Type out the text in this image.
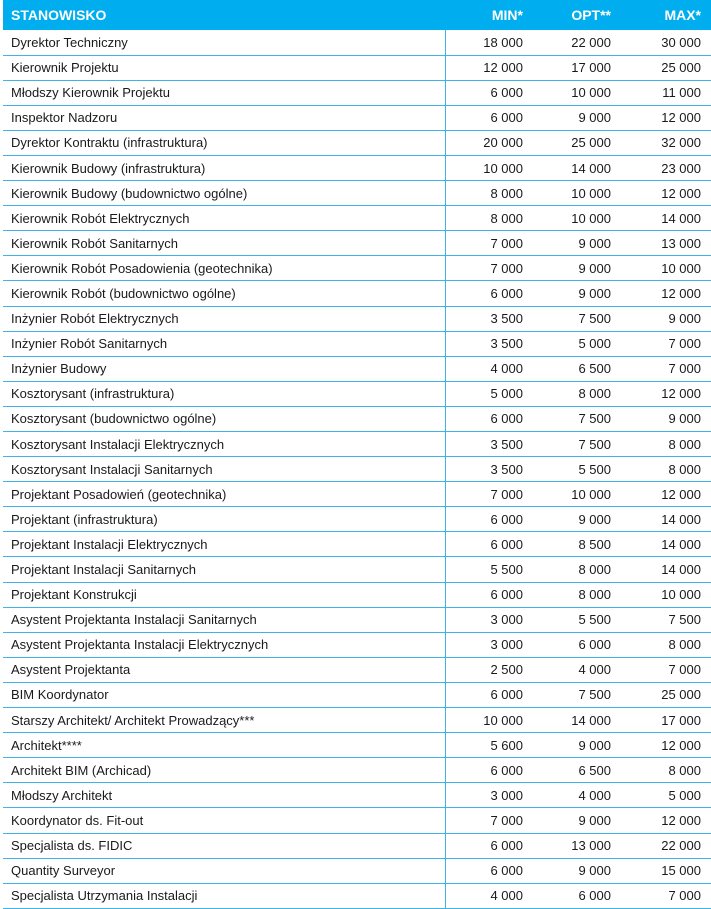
STANOWISKO	MIN*	OPT**	MAX*
Dyrektor Techniczny	18 000	22 000	30 000
Kierownik Projektu	12 000	17 000	25 000
Młodszy Kierownik Projektu	6 000	10 000	11 000
Inspektor Nadzoru	6 000	9 000	12 000
Dyrektor Kontraktu (infrastruktura)	20 000	25 000	32 000
Kierownik Budowy (infrastruktura)	10 000	14 000	23 000
Kierownik Budowy (budownictwo ogólne)	8 000	10 000	12 000
Kierownik Robót Elektrycznych	8 000	10 000	14 000
Kierownik Robót Sanitarnych	7 000	9 000	13 000
Kierownik Robót Posadowienia (geotechnika)	7 000	9 000	10 000
Kierownik Robót (budownictwo ogólne)	6 000	9 000	12 000
Inżynier Robót Elektrycznych	3 500	7 500	9 000
Inżynier Robót Sanitarnych	3 500	5 000	7 000
Inżynier Budowy	4 000	6 500	7 000
Kosztorysant (infrastruktura)	5 000	8 000	12 000
Kosztorysant (budownictwo ogólne)	6 000	7 500	9 000
Kosztorysant Instalacji Elektrycznych	3 500	7 500	8 000
Kosztorysant Instalacji Sanitarnych	3 500	5 500	8 000
Projektant Posadowień (geotechnika)	7 000	10 000	12 000
Projektant (infrastruktura)	6 000	9 000	14 000
Projektant Instalacji Elektrycznych	6 000	8 500	14 000
Projektant Instalacji Sanitarnych	5 500	8 000	14 000
Projektant Konstrukcji	6 000	8 000	10 000
Asystent Projektanta Instalacji Sanitarnych	3 000	5 500	7 500
Asystent Projektanta Instalacji Elektrycznych	3 000	6 000	8 000
Asystent Projektanta	2 500	4 000	7 000
BIM Koordynator	6 000	7 500	25 000
Starszy Architekt/ Architekt Prowadzący***	10 000	14 000	17 000
Architekt****	5 600	9 000	12 000
Architekt BIM (Archicad)	6 000	6 500	8 000
Młodszy Architekt	3 000	4 000	5 000
Koordynator ds. Fit-out	7 000	9 000	12 000
Specjalista ds. FIDIC	6 000	13 000	22 000
Quantity Surveyor	6 000	9 000	15 000
Specjalista Utrzymania Instalacji	4 000	6 000	7 000
